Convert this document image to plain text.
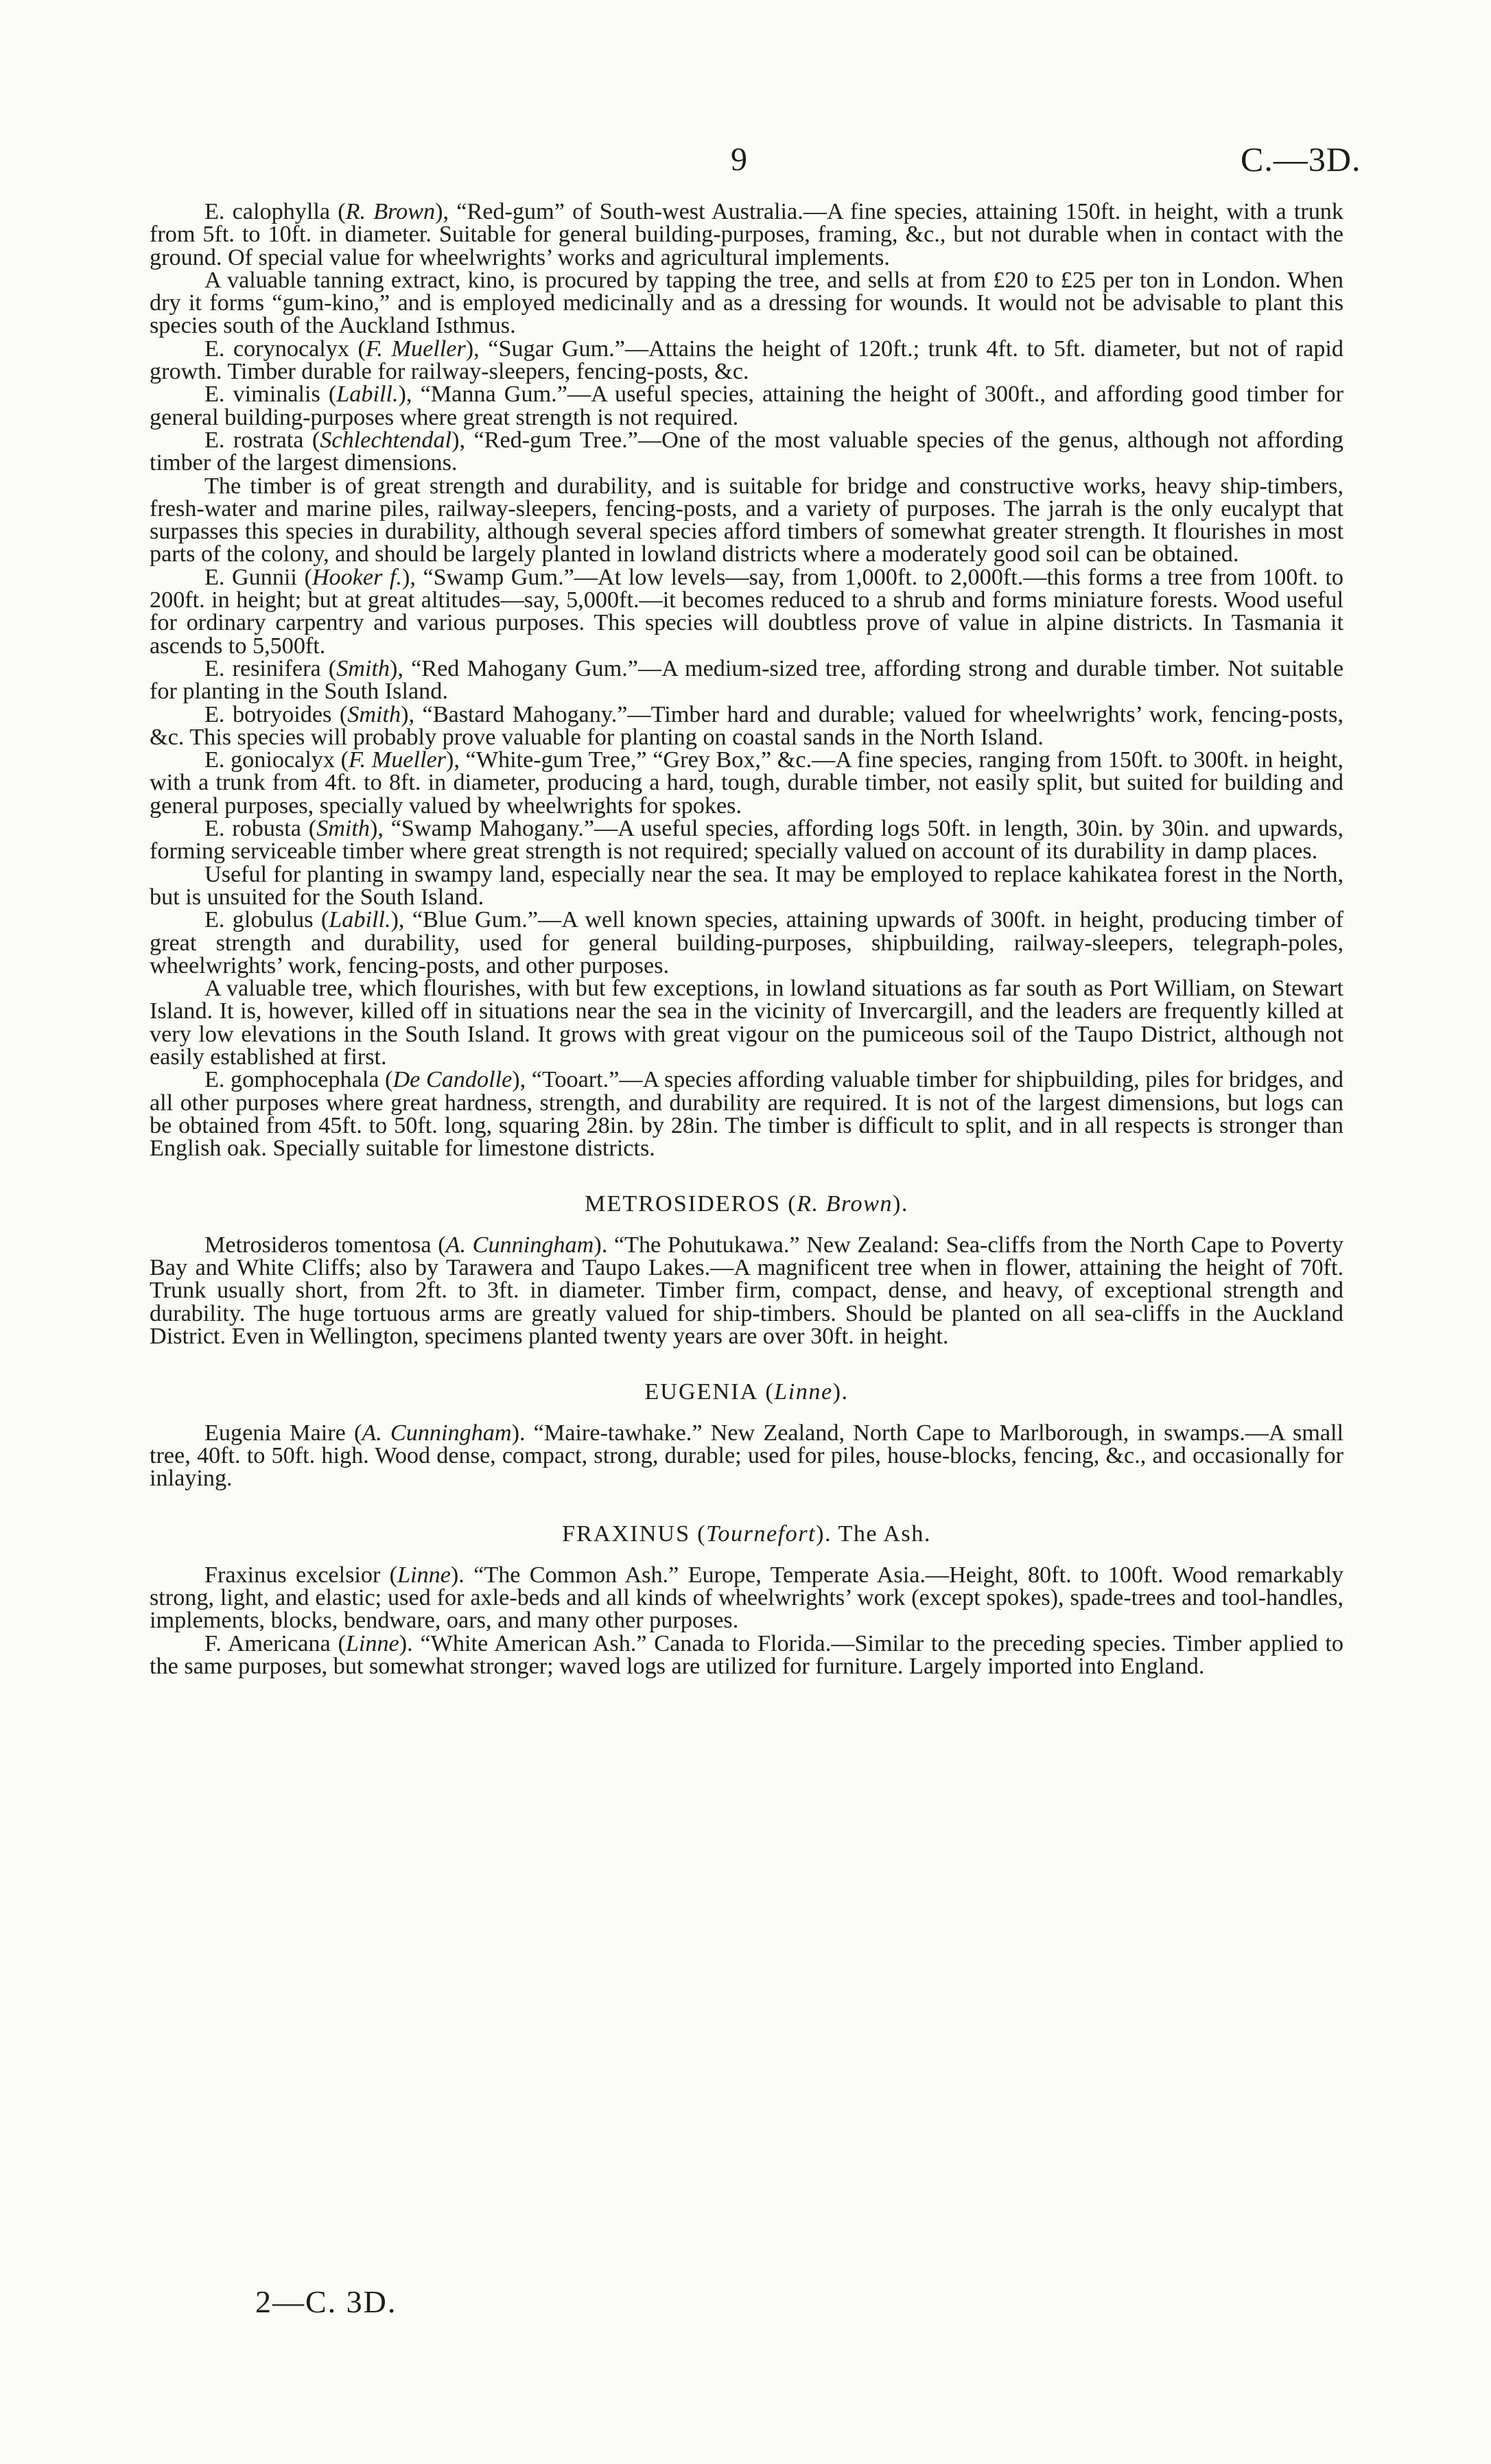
9	C.—3D.

E. calophylla (R. Brown), “Red-gum” of South-west Australia.—A fine species, attaining 150ft. in height, with a trunk from 5ft. to 10ft. in diameter. Suitable for general building-purposes, framing, &c., but not durable when in contact with the ground. Of special value for wheelwrights’ works and agricultural implements.

A valuable tanning extract, kino, is procured by tapping the tree, and sells at from £20 to £25 per ton in London. When dry it forms “gum-kino,” and is employed medicinally and as a dressing for wounds. It would not be advisable to plant this species south of the Auckland Isthmus.

E. corynocalyx (F. Mueller), “Sugar Gum.”—Attains the height of 120ft.; trunk 4ft. to 5ft. diameter, but not of rapid growth. Timber durable for railway-sleepers, fencing-posts, &c.

E. viminalis (Labill.), “Manna Gum.”—A useful species, attaining the height of 300ft., and affording good timber for general building-purposes where great strength is not required.

E. rostrata (Schlechtendal), “Red-gum Tree.”—One of the most valuable species of the genus, although not affording timber of the largest dimensions.

The timber is of great strength and durability, and is suitable for bridge and constructive works, heavy ship-timbers, fresh-water and marine piles, railway-sleepers, fencing-posts, and a variety of purposes. The jarrah is the only eucalypt that surpasses this species in durability, although several species afford timbers of somewhat greater strength. It flourishes in most parts of the colony, and should be largely planted in lowland districts where a moderately good soil can be obtained.

E. Gunnii (Hooker f.), “Swamp Gum.”—At low levels—say, from 1,000ft. to 2,000ft.—this forms a tree from 100ft. to 200ft. in height; but at great altitudes—say, 5,000ft.—it becomes reduced to a shrub and forms miniature forests. Wood useful for ordinary carpentry and various purposes. This species will doubtless prove of value in alpine districts. In Tasmania it ascends to 5,500ft.

E. resinifera (Smith), “Red Mahogany Gum.”—A medium-sized tree, affording strong and durable timber. Not suitable for planting in the South Island.

E. botryoides (Smith), “Bastard Mahogany.”—Timber hard and durable; valued for wheelwrights’ work, fencing-posts, &c. This species will probably prove valuable for planting on coastal sands in the North Island.

E. goniocalyx (F. Mueller), “White-gum Tree,” “Grey Box,” &c.—A fine species, ranging from 150ft. to 300ft. in height, with a trunk from 4ft. to 8ft. in diameter, producing a hard, tough, durable timber, not easily split, but suited for building and general purposes, specially valued by wheelwrights for spokes.

E. robusta (Smith), “Swamp Mahogany.”—A useful species, affording logs 50ft. in length, 30in. by 30in. and upwards, forming serviceable timber where great strength is not required; specially valued on account of its durability in damp places.

Useful for planting in swampy land, especially near the sea. It may be employed to replace kahikatea forest in the North, but is unsuited for the South Island.

E. globulus (Labill.), “Blue Gum.”—A well known species, attaining upwards of 300ft. in height, producing timber of great strength and durability, used for general building-purposes, shipbuilding, railway-sleepers, telegraph-poles, wheelwrights’ work, fencing-posts, and other purposes.

A valuable tree, which flourishes, with but few exceptions, in lowland situations as far south as Port William, on Stewart Island. It is, however, killed off in situations near the sea in the vicinity of Invercargill, and the leaders are frequently killed at very low elevations in the South Island. It grows with great vigour on the pumiceous soil of the Taupo District, although not easily established at first.

E. gomphocephala (De Candolle), “Tooart.”—A species affording valuable timber for shipbuilding, piles for bridges, and all other purposes where great hardness, strength, and durability are required. It is not of the largest dimensions, but logs can be obtained from 45ft. to 50ft. long, squaring 28in. by 28in. The timber is difficult to split, and in all respects is stronger than English oak. Specially suitable for limestone districts.

METROSIDEROS (R. Brown).

Metrosideros tomentosa (A. Cunningham). “The Pohutukawa.” New Zealand: Sea-cliffs from the North Cape to Poverty Bay and White Cliffs; also by Tarawera and Taupo Lakes.—A magnificent tree when in flower, attaining the height of 70ft. Trunk usually short, from 2ft. to 3ft. in diameter. Timber firm, compact, dense, and heavy, of exceptional strength and durability. The huge tortuous arms are greatly valued for ship-timbers. Should be planted on all sea-cliffs in the Auckland District. Even in Wellington, specimens planted twenty years are over 30ft. in height.

EUGENIA (Linne).

Eugenia Maire (A. Cunningham). “Maire-tawhake.” New Zealand, North Cape to Marlborough, in swamps.—A small tree, 40ft. to 50ft. high. Wood dense, compact, strong, durable; used for piles, house-blocks, fencing, &c., and occasionally for inlaying.

FRAXINUS (Tournefort). The Ash.

Fraxinus excelsior (Linne). “The Common Ash.” Europe, Temperate Asia.—Height, 80ft. to 100ft. Wood remarkably strong, light, and elastic; used for axle-beds and all kinds of wheelwrights’ work (except spokes), spade-trees and tool-handles, implements, blocks, bendware, oars, and many other purposes.

F. Americana (Linne). “White American Ash.” Canada to Florida.—Similar to the preceding species. Timber applied to the same purposes, but somewhat stronger; waved logs are utilized for furniture. Largely imported into England.

2—C. 3D.
